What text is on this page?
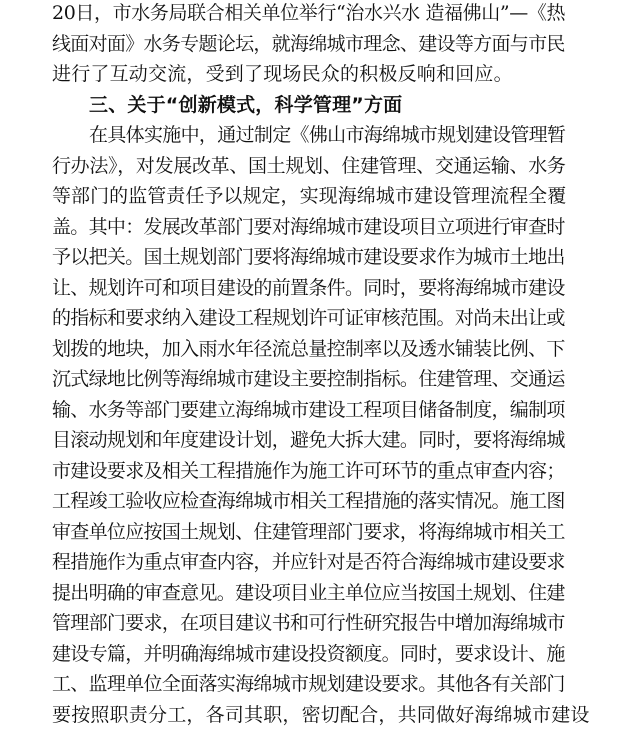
20日，市水务局联合相关单位举行“治水兴水 造福佛山”—《热
线面对面》水务专题论坛，就海绵城市理念、建设等方面与市民
进行了互动交流，受到了现场民众的积极反响和回应。
三、关于“创新模式，科学管理”方面
在具体实施中，通过制定《佛山市海绵城市规划建设管理暂
行办法》，对发展改革、国土规划、住建管理、交通运输、水务
等部门的监管责任予以规定，实现海绵城市建设管理流程全覆
盖。其中：发展改革部门要对海绵城市建设项目立项进行审查时
予以把关。国土规划部门要将海绵城市建设要求作为城市土地出
让、规划许可和项目建设的前置条件。同时，要将海绵城市建设
的指标和要求纳入建设工程规划许可证审核范围。对尚未出让或
划拨的地块，加入雨水年径流总量控制率以及透水铺装比例、下
沉式绿地比例等海绵城市建设主要控制指标。住建管理、交通运
输、水务等部门要建立海绵城市建设工程项目储备制度，编制项
目滚动规划和年度建设计划，避免大拆大建。同时，要将海绵城
市建设要求及相关工程措施作为施工许可环节的重点审查内容；
工程竣工验收应检查海绵城市相关工程措施的落实情况。施工图
审查单位应按国土规划、住建管理部门要求，将海绵城市相关工
程措施作为重点审查内容，并应针对是否符合海绵城市建设要求
提出明确的审查意见。建设项目业主单位应当按国土规划、住建
管理部门要求，在项目建议书和可行性研究报告中增加海绵城市
建设专篇，并明确海绵城市建设投资额度。同时，要求设计、施
工、监理单位全面落实海绵城市规划建设要求。其他各有关部门
要按照职责分工，各司其职，密切配合，共同做好海绵城市建设
